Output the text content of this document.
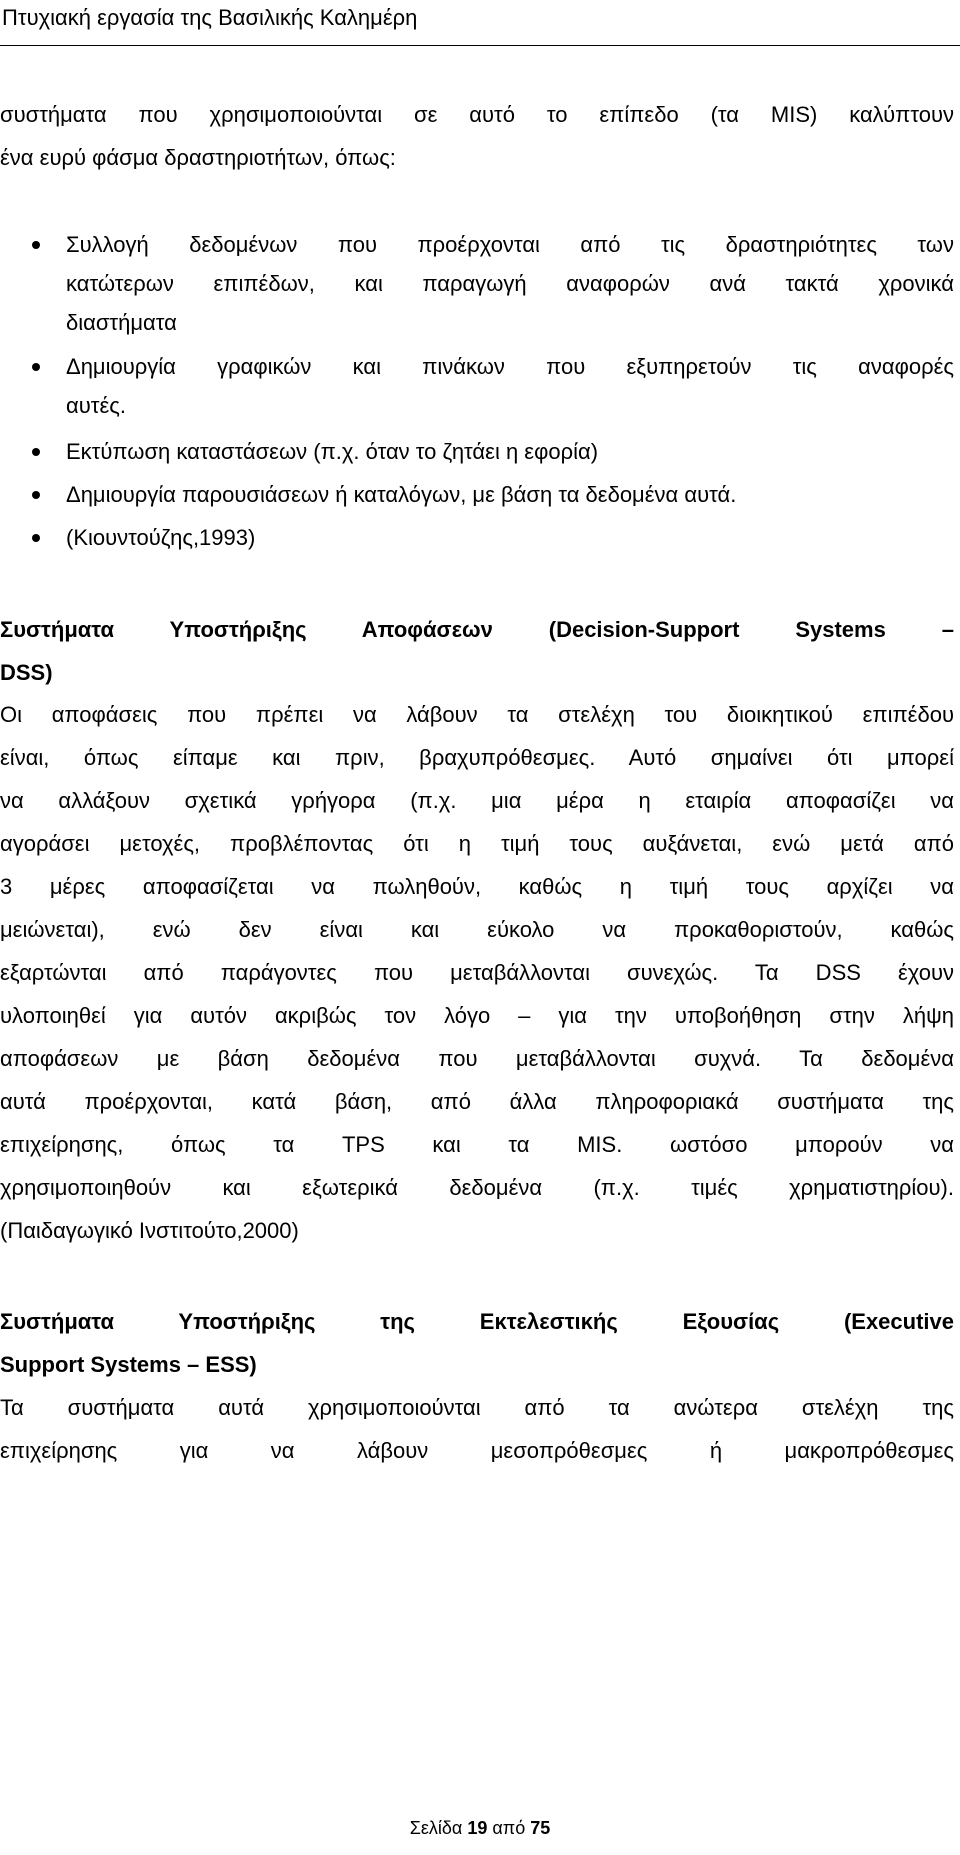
Πτυχιακή εργασία της Βασιλικής Καλημέρη
συστήματα που χρησιμοποιούνται σε αυτό το επίπεδο (τα MIS) καλύπτουν
ένα ευρύ φάσμα δραστηριοτήτων, όπως:
Συλλογή δεδομένων που προέρχονται από τις δραστηριότητες των
κατώτερων επιπέδων, και παραγωγή αναφορών ανά τακτά χρονικά
διαστήματα
Δημιουργία γραφικών και πινάκων που εξυπηρετούν τις αναφορές
αυτές.
Εκτύπωση καταστάσεων (π.χ. όταν το ζητάει η εφορία)
Δημιουργία παρουσιάσεων ή καταλόγων, με βάση τα δεδομένα αυτά.
(Κιουντούζης,1993)
Συστήματα Υποστήριξης Αποφάσεων (Decision-Support Systems –
DSS)
Οι αποφάσεις που πρέπει να λάβουν τα στελέχη του διοικητικού επιπέδου
είναι, όπως είπαμε και πριν, βραχυπρόθεσμες. Αυτό σημαίνει ότι μπορεί
να αλλάξουν σχετικά γρήγορα (π.χ. μια μέρα η εταιρία αποφασίζει να
αγοράσει μετοχές, προβλέποντας ότι η τιμή τους αυξάνεται, ενώ μετά από
3 μέρες αποφασίζεται να πωληθούν, καθώς η τιμή τους αρχίζει να
μειώνεται), ενώ δεν είναι και εύκολο να προκαθοριστούν, καθώς
εξαρτώνται από παράγοντες που μεταβάλλονται συνεχώς. Τα DSS έχουν
υλοποιηθεί για αυτόν ακριβώς τον λόγο – για την υποβοήθηση στην λήψη
αποφάσεων με βάση δεδομένα που μεταβάλλονται συχνά. Τα δεδομένα
αυτά προέρχονται, κατά βάση, από άλλα πληροφοριακά συστήματα της
επιχείρησης, όπως τα TPS και τα MIS. ωστόσο μπορούν να
χρησιμοποιηθούν και εξωτερικά δεδομένα (π.χ. τιμές χρηματιστηρίου).
(Παιδαγωγικό Ινστιτούτο,2000)
Συστήματα Υποστήριξης της Εκτελεστικής Εξουσίας (Executive
Support Systems – ESS)
Τα συστήματα αυτά χρησιμοποιούνται από τα ανώτερα στελέχη της
επιχείρησης για να λάβουν μεσοπρόθεσμες ή μακροπρόθεσμες
Σελίδα 19 από 75
